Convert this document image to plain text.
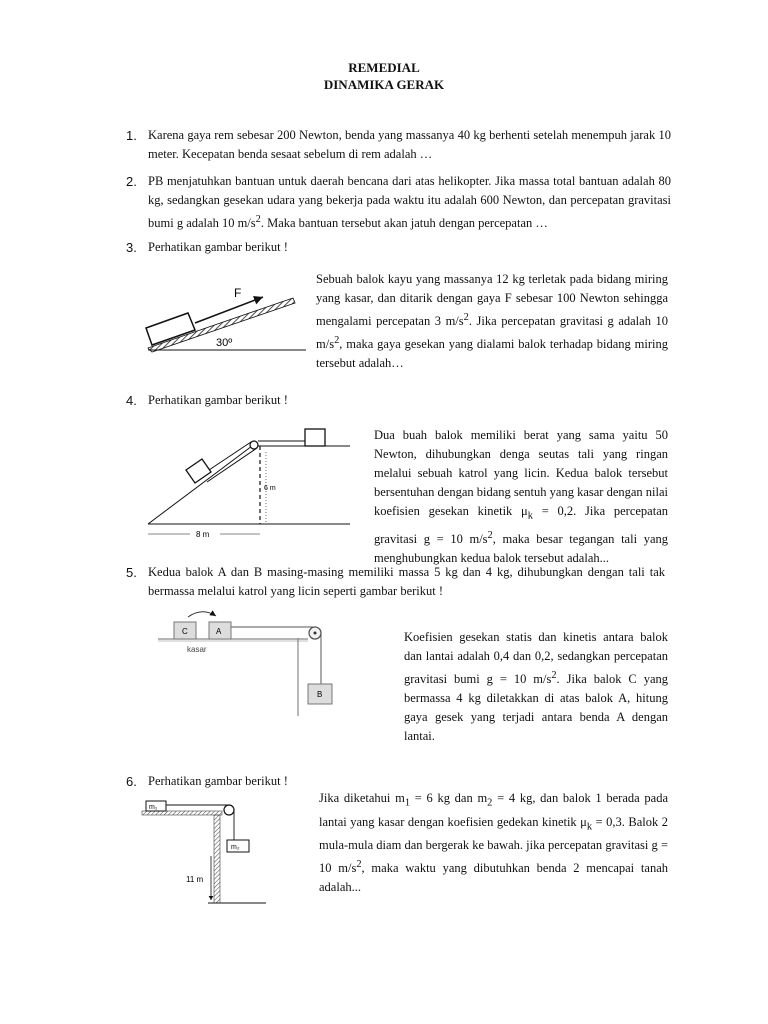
REMEDIAL
DINAMIKA GERAK
1. Karena gaya rem sebesar 200 Newton, benda yang massanya 40 kg berhenti setelah menempuh jarak 10 meter. Kecepatan benda sesaat sebelum di rem adalah …
2. PB menjatuhkan bantuan untuk daerah bencana dari atas helikopter. Jika massa total bantuan adalah 80 kg, sedangkan gesekan udara yang bekerja pada waktu itu adalah 600 Newton, dan percepatan gravitasi bumi g adalah 10 $m/s^2$. Maka bantuan tersebut akan jatuh dengan percepatan …
3. Perhatikan gambar berikut !
F
30º
Sebuah balok kayu yang massanya 12 kg terletak pada bidang miring yang kasar, dan ditarik dengan gaya F sebesar 100 Newton sehingga mengalami percepatan 3 $m/s^2$. Jika percepatan gravitasi g adalah 10 $m/s^2$, maka gaya gesekan yang dialami balok terhadap bidang miring tersebut adalah…
4. Perhatikan gambar berikut !
6 m
8 m
Dua buah balok memiliki berat yang sama yaitu 50 Newton, dihubungkan denga seutas tali yang ringan melalui sebuah katrol yang licin. Kedua balok tersebut bersentuhan dengan bidang sentuh yang kasar dengan nilai koefisien gesekan kinetik $\mu_k = 0,2$. Jika percepatan gravitasi g = 10 $m/s^2$, maka besar tegangan tali yang menghubungkan kedua balok tersebut adalah...
5. Kedua balok A dan B masing-masing memiliki massa 5 kg dan 4 kg, dihubungkan dengan tali tak bermassa melalui katrol yang licin seperti gambar berikut !
C	A
B
kasar
Koefisien gesekan statis dan kinetis antara balok dan lantai adalah 0,4 dan 0,2, sedangkan percepatan gravitasi bumi g = 10 $m/s^2$. Jika balok C yang bermassa 4 kg diletakkan di atas balok A, hitung gaya gesek yang terjadi antara benda A dengan lantai.
6. Perhatikan gambar berikut !
m₁
m₂
11 m
Jika diketahui $m_1 = 6$ kg dan $m_2 = 4$ kg, dan balok 1 berada pada lantai yang kasar dengan koefisien gedekan kinetik $\mu_k = 0,3$. Balok 2 mula-mula diam dan bergerak ke bawah. jika percepatan gravitasi g = 10 $m/s^2$, maka waktu yang dibutuhkan benda 2 mencapai tanah adalah...
